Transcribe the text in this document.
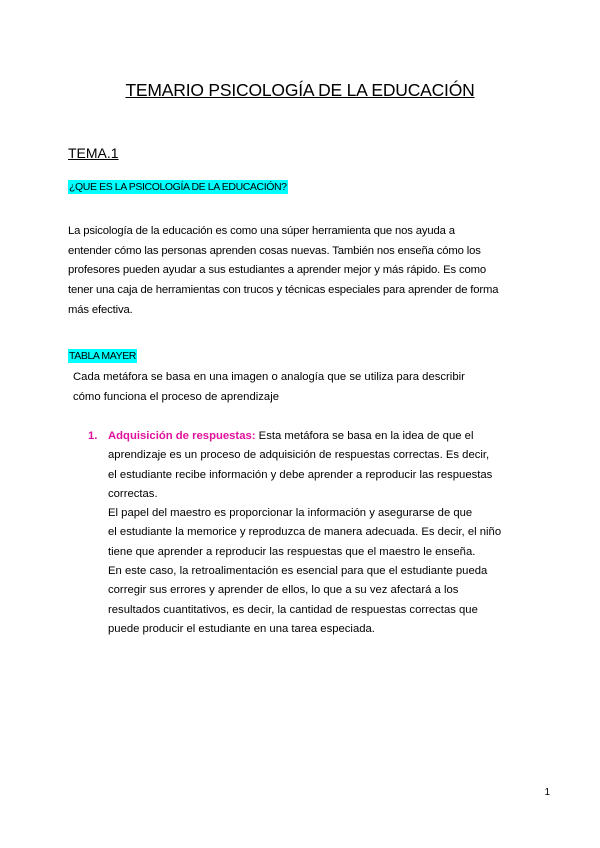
TEMARIO PSICOLOGÍA DE LA EDUCACIÓN
TEMA.1
¿QUE ES LA PSICOLOGÍA DE LA EDUCACIÓN?
La psicología de la educación es como una súper herramienta que nos ayuda a
entender cómo las personas aprenden cosas nuevas. También nos enseña cómo los
profesores pueden ayudar a sus estudiantes a aprender mejor y más rápido. Es como
tener una caja de herramientas con trucos y técnicas especiales para aprender de forma
más efectiva.
TABLA MAYER
Cada metáfora se basa en una imagen o analogía que se utiliza para describir
cómo funciona el proceso de aprendizaje
1. Adquisición de respuestas: Esta metáfora se basa en la idea de que el
aprendizaje es un proceso de adquisición de respuestas correctas. Es decir,
el estudiante recibe información y debe aprender a reproducir las respuestas
correctas.
El papel del maestro es proporcionar la información y asegurarse de que
el estudiante la memorice y reproduzca de manera adecuada. Es decir, el niño
tiene que aprender a reproducir las respuestas que el maestro le enseña.
En este caso, la retroalimentación es esencial para que el estudiante pueda
corregir sus errores y aprender de ellos, lo que a su vez afectará a los
resultados cuantitativos, es decir, la cantidad de respuestas correctas que
puede producir el estudiante en una tarea especiada.
1
